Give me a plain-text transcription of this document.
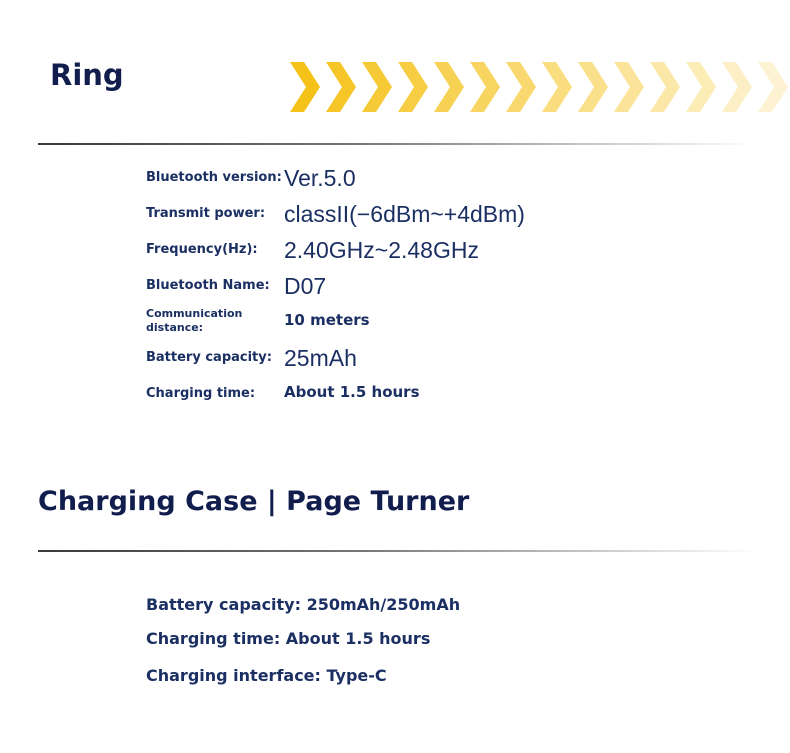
Ring
Bluetooth version: Ver.5.0
Transmit power: classII(−6dBm~+4dBm)
Frequency(Hz): 2.40GHz~2.48GHz
Bluetooth Name: D07
Communication distance:	10 meters
Battery capacity: 25mAh
Charging time: About 1.5 hours
Charging Case | Page Turner
Battery capacity: 250mAh/250mAh
Charging time: About 1.5 hours
Charging interface: Type-C
